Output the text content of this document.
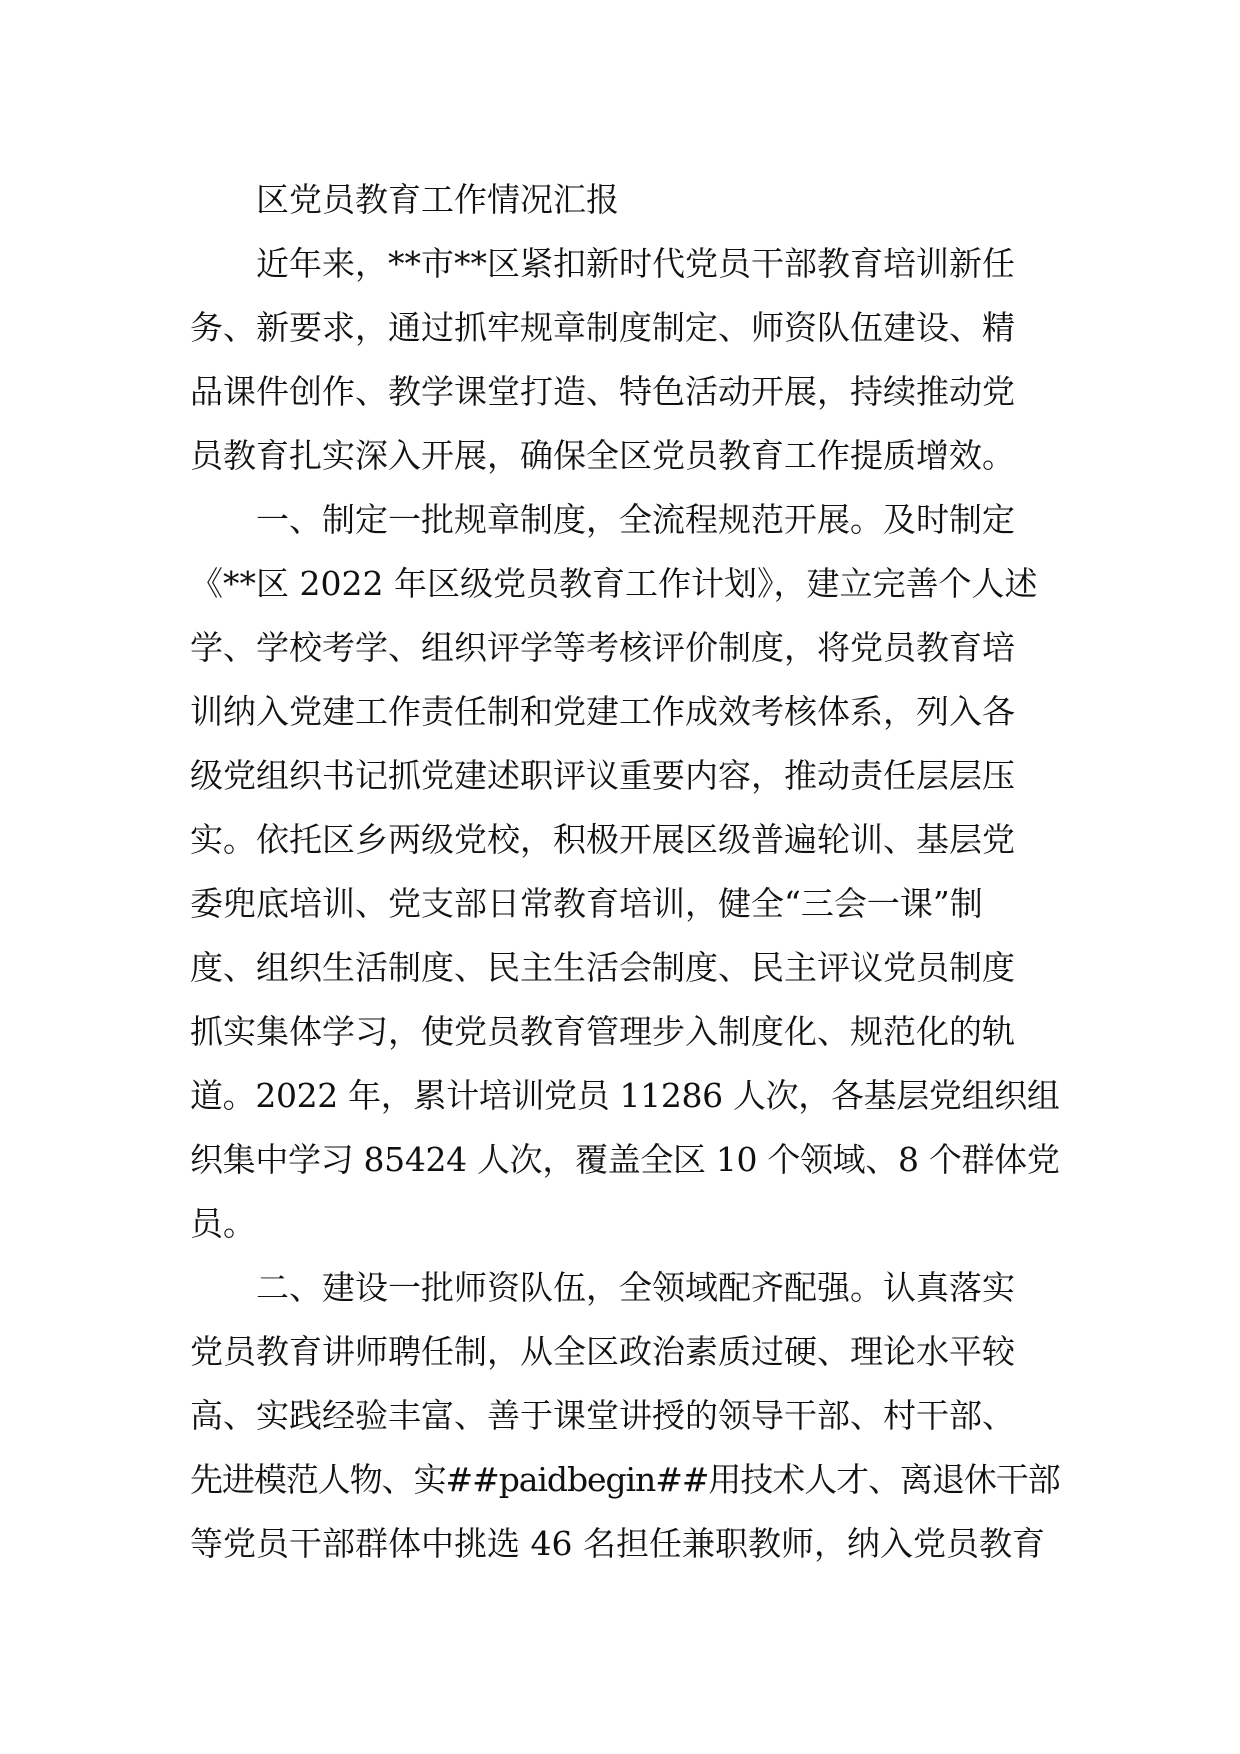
区党员教育工作情况汇报
近年来，**市**区紧扣新时代党员干部教育培训新任
务、新要求，通过抓牢规章制度制定、师资队伍建设、精
品课件创作、教学课堂打造、特色活动开展，持续推动党
员教育扎实深入开展，确保全区党员教育工作提质增效。
一、制定一批规章制度，全流程规范开展。及时制定
《**区 2022 年区级党员教育工作计划》，建立完善个人述
学、学校考学、组织评学等考核评价制度，将党员教育培
训纳入党建工作责任制和党建工作成效考核体系，列入各
级党组织书记抓党建述职评议重要内容，推动责任层层压
实。依托区乡两级党校，积极开展区级普遍轮训、基层党
委兜底培训、党支部日常教育培训，健全“三会一课”制
度、组织生活制度、民主生活会制度、民主评议党员制度
抓实集体学习，使党员教育管理步入制度化、规范化的轨
道。2022 年，累计培训党员 11286 人次，各基层党组织组
织集中学习 85424 人次，覆盖全区 10 个领域、8 个群体党
员。
二、建设一批师资队伍，全领域配齐配强。认真落实
党员教育讲师聘任制，从全区政治素质过硬、理论水平较
高、实践经验丰富、善于课堂讲授的领导干部、村干部、
先进模范人物、实##paidbegin##用技术人才、离退休干部
等党员干部群体中挑选 46 名担任兼职教师，纳入党员教育
